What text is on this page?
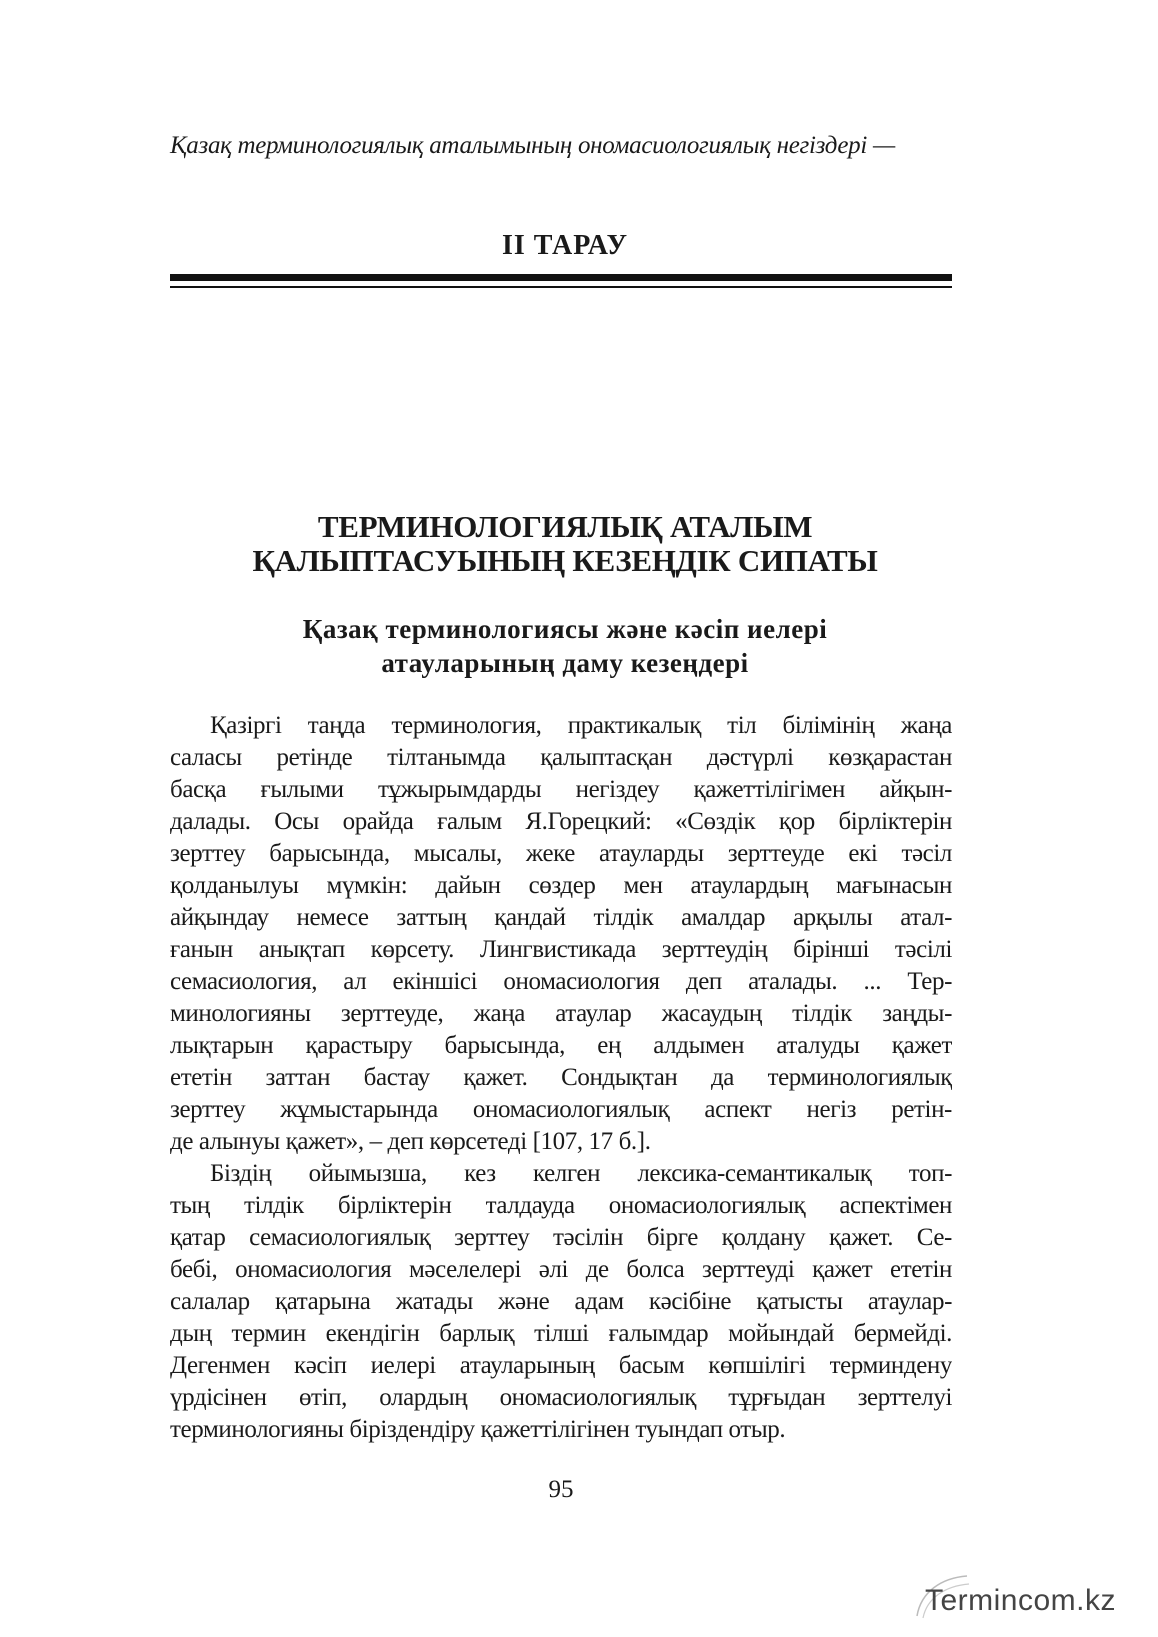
Қазақ терминологиялық аталымының ономасиологиялық негіздері —
II ТАРАУ
ТЕРМИНОЛОГИЯЛЫҚ АТАЛЫМ
ҚАЛЫПТАСУЫНЫҢ КЕЗЕҢДІК СИПАТЫ
Қазақ терминологиясы және кәсіп иелері
атауларының даму кезеңдері
Қазіргі таңда терминология, практикалық тіл білімінің жаңа
саласы ретінде тілтанымда қалыптасқан дәстүрлі көзқарастан
басқа ғылыми тұжырымдарды негіздеу қажеттілігімен айқын-
далады. Осы орайда ғалым Я.Горецкий: «Сөздік қор бірліктерін
зерттеу барысында, мысалы, жеке атауларды зерттеуде екі тәсіл
қолданылуы мүмкін: дайын сөздер мен атаулардың мағынасын
айқындау немесе заттың қандай тілдік амалдар арқылы атал-
ғанын анықтап көрсету. Лингвистикада зерттеудің бірінші тәсілі
семасиология, ал екіншісі ономасиология деп аталады. ... Тер-
минологияны зерттеуде, жаңа атаулар жасаудың тілдік заңды-
лықтарын қарастыру барысында, ең алдымен аталуды қажет
ететін заттан бастау қажет. Сондықтан да терминологиялық
зерттеу жұмыстарында ономасиологиялық аспект негіз ретін-
де алынуы қажет», – деп көрсетеді [107, 17 б.].
Біздің ойымызша, кез келген лексика-семантикалық топ-
тың тілдік бірліктерін талдауда ономасиологиялық аспектімен
қатар семасиологиялық зерттеу тәсілін бірге қолдану қажет. Се-
бебі, ономасиология мәселелері әлі де болса зерттеуді қажет ететін
салалар қатарына жатады және адам кәсібіне қатысты атаулар-
дың термин екендігін барлық тілші ғалымдар мойындай бермейді.
Дегенмен кәсіп иелері атауларының басым көпшілігі терминдену
үрдісінен өтіп, олардың ономасиологиялық тұрғыдан зерттелуі
терминологияны біріздендіру қажеттілігінен туындап отыр.
95
Termincom.kz
